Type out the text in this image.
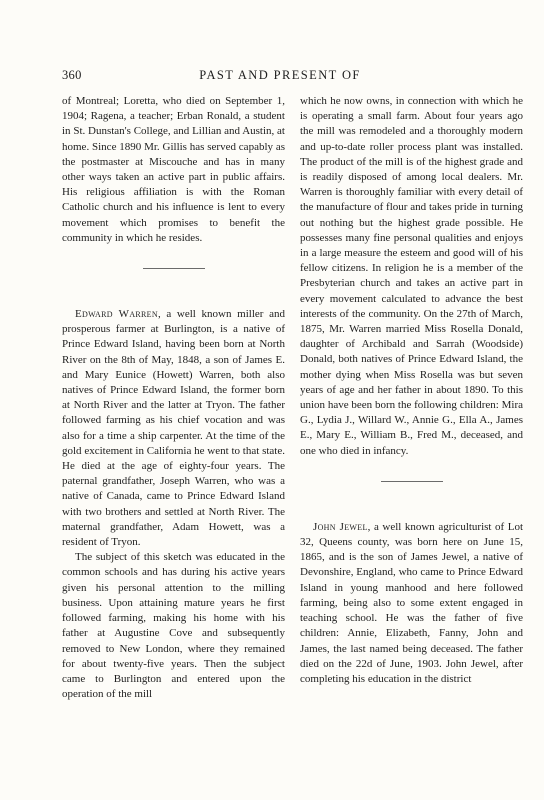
360	PAST AND PRESENT OF

of Montreal; Loretta, who died on September 1, 1904; Ragena, a teacher; Erban Ronald, a student in St. Dunstan's College, and Lillian and Austin, at home. Since 1890 Mr. Gillis has served capably as the postmaster at Miscouche and has in many other ways taken an active part in public affairs. His religious affiliation is with the Roman Catholic church and his influence is lent to every movement which promises to benefit the community in which he resides.

Edward Warren, a well known miller and prosperous farmer at Burlington, is a native of Prince Edward Island, having been born at North River on the 8th of May, 1848, a son of James E. and Mary Eunice (Howett) Warren, both also natives of Prince Edward Island, the former born at North River and the latter at Tryon. The father followed farming as his chief vocation and was also for a time a ship carpenter. At the time of the gold excitement in California he went to that state. He died at the age of eighty-four years. The paternal grandfather, Joseph Warren, who was a native of Canada, came to Prince Edward Island with two brothers and settled at North River. The maternal grandfather, Adam Howett, was a resident of Tryon.

The subject of this sketch was educated in the common schools and has during his active years given his personal attention to the milling business. Upon attaining mature years he first followed farming, making his home with his father at Augustine Cove and subsequently removed to New London, where they remained for about twenty-five years. Then the subject came to Burlington and entered upon the operation of the mill

which he now owns, in connection with which he is operating a small farm. About four years ago the mill was remodeled and a thoroughly modern and up-to-date roller process plant was installed. The product of the mill is of the highest grade and is readily disposed of among local dealers. Mr. Warren is thoroughly familiar with every detail of the manufacture of flour and takes pride in turning out nothing but the highest grade possible. He possesses many fine personal qualities and enjoys in a large measure the esteem and good will of his fellow citizens. In religion he is a member of the Presbyterian church and takes an active part in every movement calculated to advance the best interests of the community. On the 27th of March, 1875, Mr. Warren married Miss Rosella Donald, daughter of Archibald and Sarrah (Woodside) Donald, both natives of Prince Edward Island, the mother dying when Miss Rosella was but seven years of age and her father in about 1890. To this union have been born the following children: Mira G., Lydia J., Willard W., Annie G., Ella A., James E., Mary E., William B., Fred M., deceased, and one who died in infancy.

John Jewel, a well known agriculturist of Lot 32, Queens county, was born here on June 15, 1865, and is the son of James Jewel, a native of Devonshire, England, who came to Prince Edward Island in young manhood and here followed farming, being also to some extent engaged in teaching school. He was the father of five children: Annie, Elizabeth, Fanny, John and James, the last named being deceased. The father died on the 22d of June, 1903. John Jewel, after completing his education in the district
